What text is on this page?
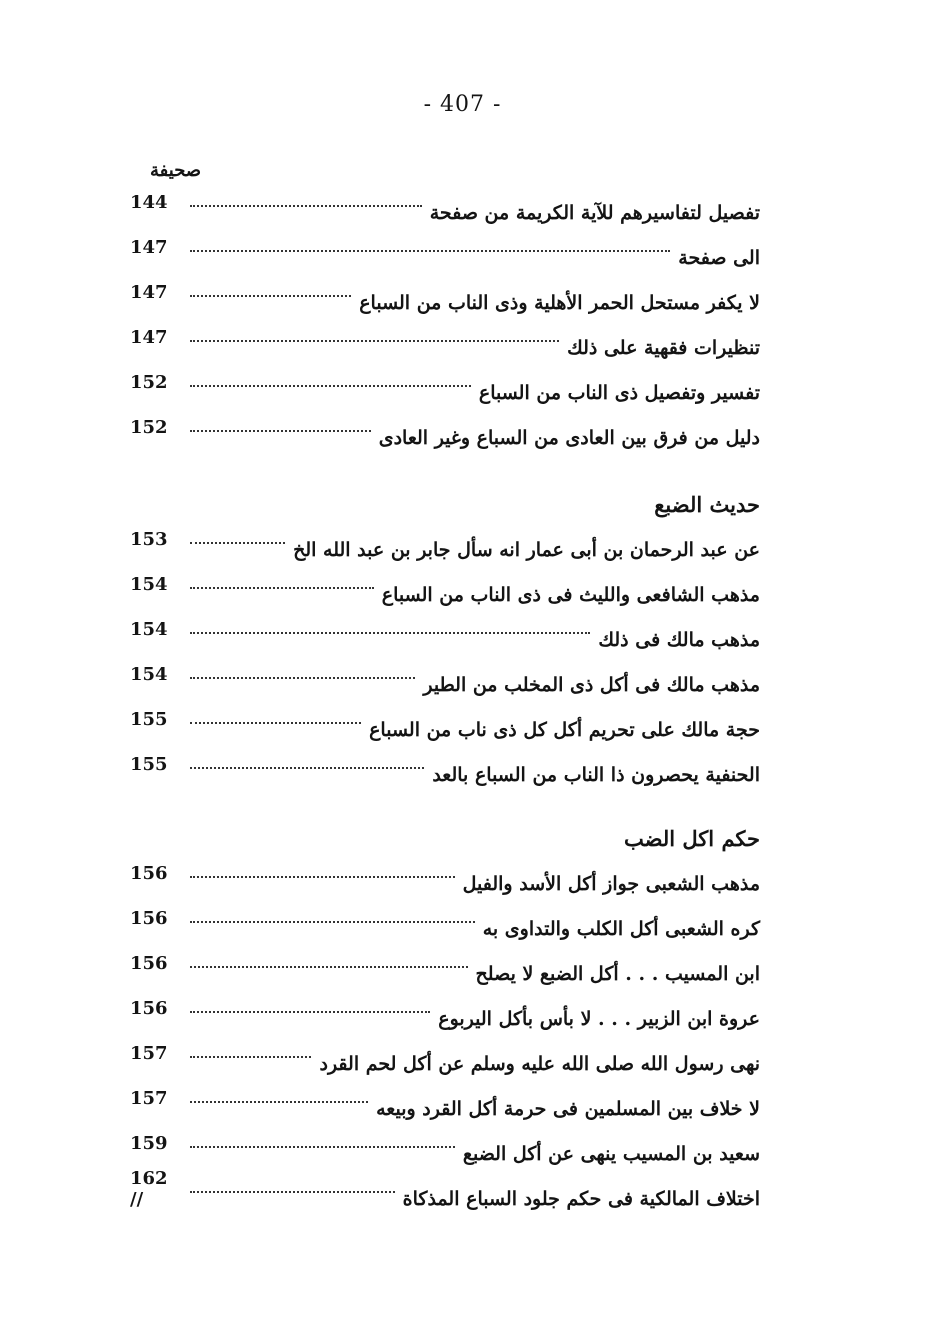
- 407 -
صحيفة
تفصيل لتفاسيرهم للآية الكريمة من صفحة
144
الى صفحة
147
لا يكفر مستحل الحمر الأهلية وذى الناب من السباع
147
تنظيرات فقهية على ذلك
147
تفسير وتفصيل ذى الناب من السباع
152
دليل من فرق بين العادى من السباع وغير العادى
152
حديث الضبع
عن عبد الرحمان بن أبى عمار انه سأل جابر بن عبد الله الخ
153
مذهب الشافعى والليث فى ذى الناب من السباع
154
مذهب مالك فى ذلك
154
مذهب مالك فى أكل ذى المخلب من الطير
154
حجة مالك على تحريم أكل كل ذى ناب من السباع
155
الحنفية يحصرون ذا الناب من السباع بالعد
155
حكم اكل الضب
مذهب الشعبى جواز أكل الأسد والفيل
156
كره الشعبى أكل الكلب والتداوى به
156
ابن المسيب . . . أكل الضبع لا يصلح
156
عروة ابن الزبير . . . لا بأس بأكل اليربوع
156
نهى رسول الله صلى الله عليه وسلم عن أكل لحم القرد
157
لا خلاف بين المسلمين فى حرمة أكل القرد وبيعه
157
سعيد بن المسيب ينهى عن أكل الضبع
159
اختلاف المالكية فى حكم جلود السباع المذكاة
162 //
